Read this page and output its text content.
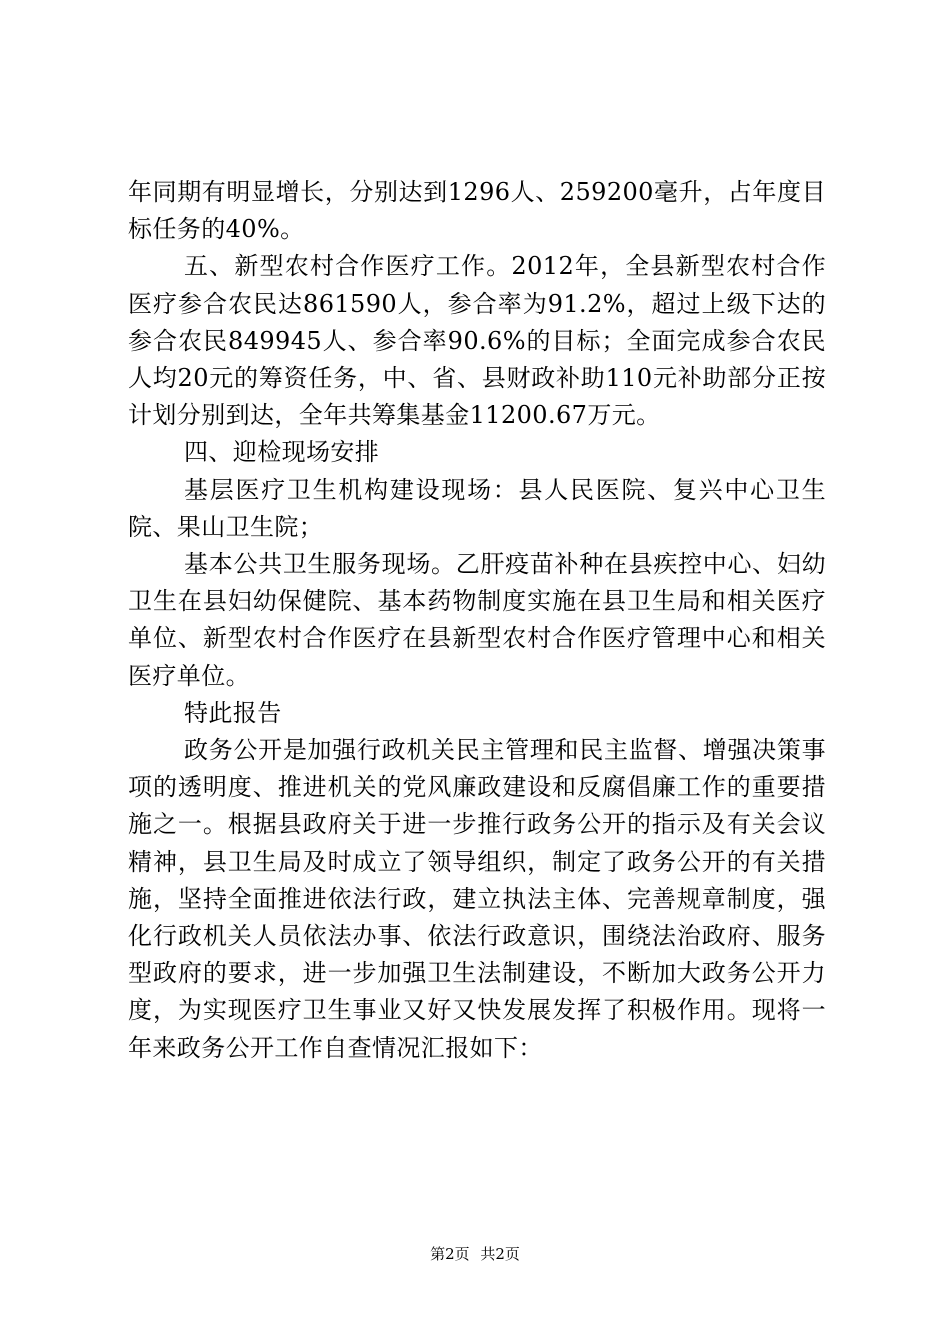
年同期有明显增长，分别达到1296人、259200毫升，占年度目标任务的40%。

五、新型农村合作医疗工作。2012年，全县新型农村合作医疗参合农民达861590人，参合率为91.2%，超过上级下达的参合农民849945人、参合率90.6%的目标；全面完成参合农民人均20元的筹资任务，中、省、县财政补助110元补助部分正按计划分别到达，全年共筹集基金11200.67万元。

四、迎检现场安排

基层医疗卫生机构建设现场：县人民医院、复兴中心卫生院、果山卫生院；

基本公共卫生服务现场。乙肝疫苗补种在县疾控中心、妇幼卫生在县妇幼保健院、基本药物制度实施在县卫生局和相关医疗单位、新型农村合作医疗在县新型农村合作医疗管理中心和相关医疗单位。

特此报告

政务公开是加强行政机关民主管理和民主监督、增强决策事项的透明度、推进机关的党风廉政建设和反腐倡廉工作的重要措施之一。根据县政府关于进一步推行政务公开的指示及有关会议精神，县卫生局及时成立了领导组织，制定了政务公开的有关措施，坚持全面推进依法行政，建立执法主体、完善规章制度，强化行政机关人员依法办事、依法行政意识，围绕法治政府、服务型政府的要求，进一步加强卫生法制建设，不断加大政务公开力度，为实现医疗卫生事业又好又快发展发挥了积极作用。现将一年来政务公开工作自查情况汇报如下：

第2页 共2页
